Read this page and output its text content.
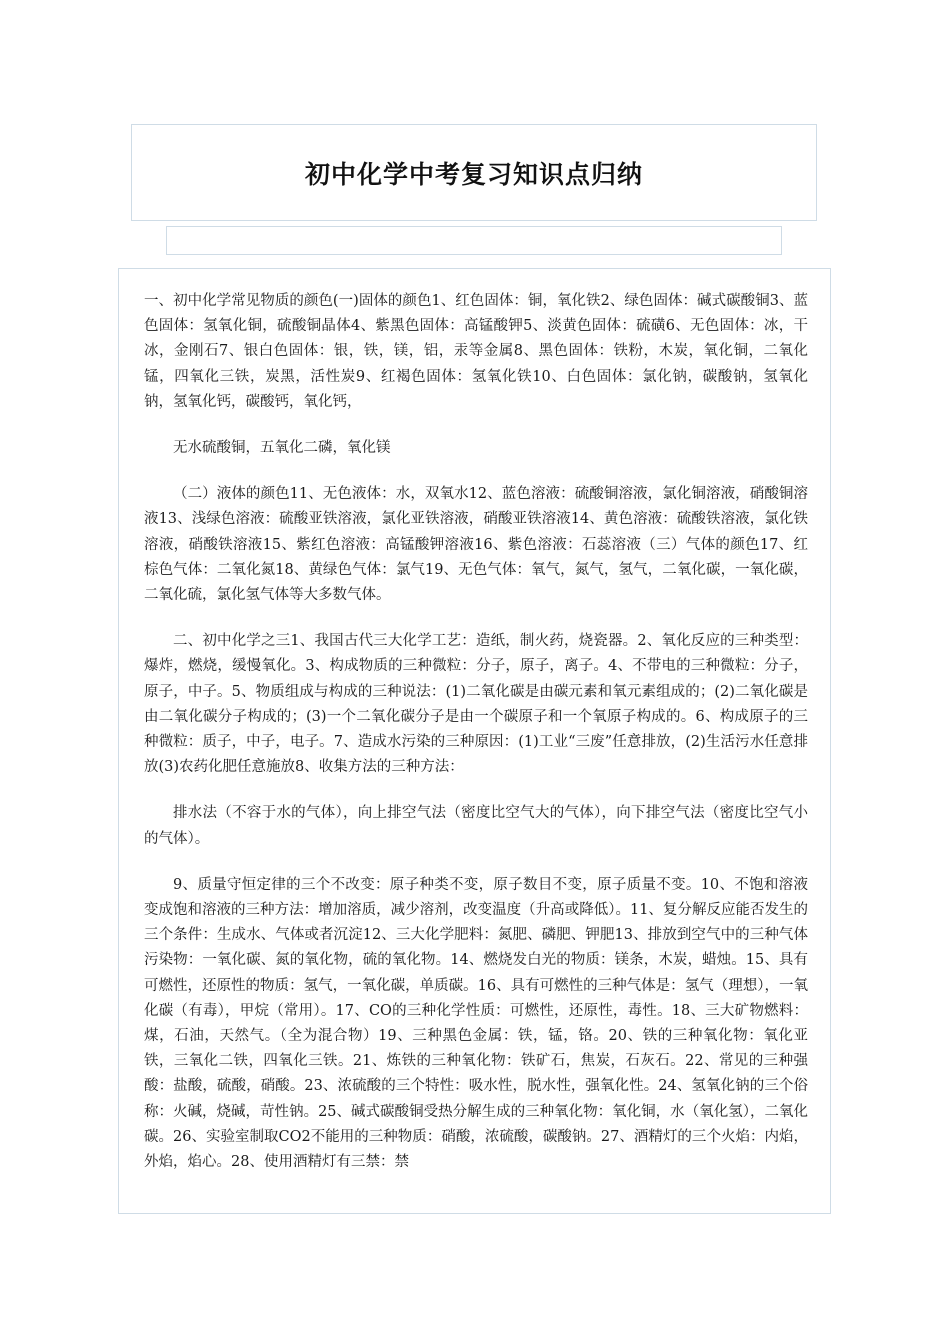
初中化学中考复习知识点归纳

一、初中化学常见物质的颜色(一)固体的颜色1、红色固体：铜，氧化铁2、绿色固体：碱式碳酸铜3、蓝色固体：氢氧化铜，硫酸铜晶体4、紫黑色固体：高锰酸钾5、淡黄色固体：硫磺6、无色固体：冰，干冰，金刚石7、银白色固体：银，铁，镁，铝，汞等金属8、黑色固体：铁粉，木炭，氧化铜，二氧化锰，四氧化三铁，炭黑，活性炭9、红褐色固体：氢氧化铁10、白色固体：氯化钠，碳酸钠，氢氧化钠，氢氧化钙，碳酸钙，氧化钙，

无水硫酸铜，五氧化二磷，氧化镁

（二）液体的颜色11、无色液体：水，双氧水12、蓝色溶液：硫酸铜溶液，氯化铜溶液，硝酸铜溶液13、浅绿色溶液：硫酸亚铁溶液，氯化亚铁溶液，硝酸亚铁溶液14、黄色溶液：硫酸铁溶液，氯化铁溶液，硝酸铁溶液15、紫红色溶液：高锰酸钾溶液16、紫色溶液：石蕊溶液（三）气体的颜色17、红棕色气体：二氧化氮18、黄绿色气体：氯气19、无色气体：氧气，氮气，氢气，二氧化碳，一氧化碳，二氧化硫，氯化氢气体等大多数气体。

二、初中化学之三1、我国古代三大化学工艺：造纸，制火药，烧瓷器。2、氧化反应的三种类型：爆炸，燃烧，缓慢氧化。3、构成物质的三种微粒：分子，原子，离子。4、不带电的三种微粒：分子，原子，中子。5、物质组成与构成的三种说法：(1)二氧化碳是由碳元素和氧元素组成的；(2)二氧化碳是由二氧化碳分子构成的；(3)一个二氧化碳分子是由一个碳原子和一个氧原子构成的。6、构成原子的三种微粒：质子，中子，电子。7、造成水污染的三种原因：(1)工业“三废”任意排放，(2)生活污水任意排放(3)农药化肥任意施放8、收集方法的三种方法：

排水法（不容于水的气体），向上排空气法（密度比空气大的气体），向下排空气法（密度比空气小的气体）。

9、质量守恒定律的三个不改变：原子种类不变，原子数目不变，原子质量不变。10、不饱和溶液变成饱和溶液的三种方法：增加溶质，减少溶剂，改变温度（升高或降低）。11、复分解反应能否发生的三个条件：生成水、气体或者沉淀12、三大化学肥料：氮肥、磷肥、钾肥13、排放到空气中的三种气体污染物：一氧化碳、氮的氧化物，硫的氧化物。14、燃烧发白光的物质：镁条，木炭，蜡烛。15、具有可燃性，还原性的物质：氢气，一氧化碳，单质碳。16、具有可燃性的三种气体是：氢气（理想），一氧化碳（有毒），甲烷（常用）。17、CO的三种化学性质：可燃性，还原性，毒性。18、三大矿物燃料：煤，石油，天然气。（全为混合物）19、三种黑色金属：铁，锰，铬。20、铁的三种氧化物：氧化亚铁，三氧化二铁，四氧化三铁。21、炼铁的三种氧化物：铁矿石，焦炭，石灰石。22、常见的三种强酸：盐酸，硫酸，硝酸。23、浓硫酸的三个特性：吸水性，脱水性，强氧化性。24、氢氧化钠的三个俗称：火碱，烧碱，苛性钠。25、碱式碳酸铜受热分解生成的三种氧化物：氧化铜，水（氧化氢），二氧化碳。26、实验室制取CO2不能用的三种物质：硝酸，浓硫酸，碳酸钠。27、酒精灯的三个火焰：内焰，外焰，焰心。28、使用酒精灯有三禁：禁
